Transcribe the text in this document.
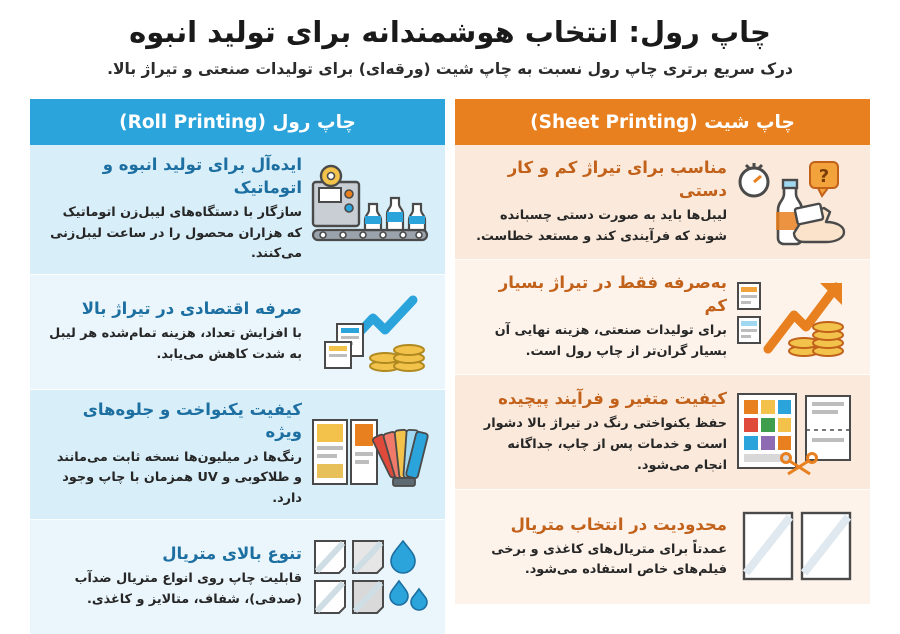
چاپ رول: انتخاب هوشمندانه برای تولید انبوه
درک سریع برتری چاپ رول نسبت به چاپ شیت (ورقه‌ای) برای تولیدات صنعتی و تیراژ بالا.
چاپ شیت (Sheet Printing)
?
مناسب برای تیراژ کم و کار دستی
لیبل‌ها باید به صورت دستی چسبانده شوند که فرآیندی کند و مستعد خطاست.
به‌صرفه فقط در تیراژ بسیار کم
برای تولیدات صنعتی، هزینه نهایی آن بسیار گران‌تر از چاپ رول است.
کیفیت متغیر و فرآیند پیچیده
حفظ یکنواختی رنگ در تیراژ بالا دشوار است و خدمات پس از چاپ، جداگانه انجام می‌شود.
محدودیت در انتخاب متریال
عمدتاً برای متریال‌های کاغذی و برخی فیلم‌های خاص استفاده می‌شود.
چاپ رول (Roll Printing)
ایده‌آل برای تولید انبوه و اتوماتیک
سازگار با دستگاه‌های لیبل‌زن اتوماتیک که هزاران محصول را در ساعت لیبل‌زنی می‌کنند.
صرفه اقتصادی در تیراژ بالا
با افزایش تعداد، هزینه تمام‌شده هر لیبل به شدت کاهش می‌یابد.
کیفیت یکنواخت و جلوه‌های ویژه
رنگ‌ها در میلیون‌ها نسخه ثابت می‌مانند و طلاکوبی و UV همزمان با چاپ وجود دارد.
تنوع بالای متریال
قابلیت چاپ روی انواع متریال ضدآب (صدفی)، شفاف، متالایز و کاغذی.
